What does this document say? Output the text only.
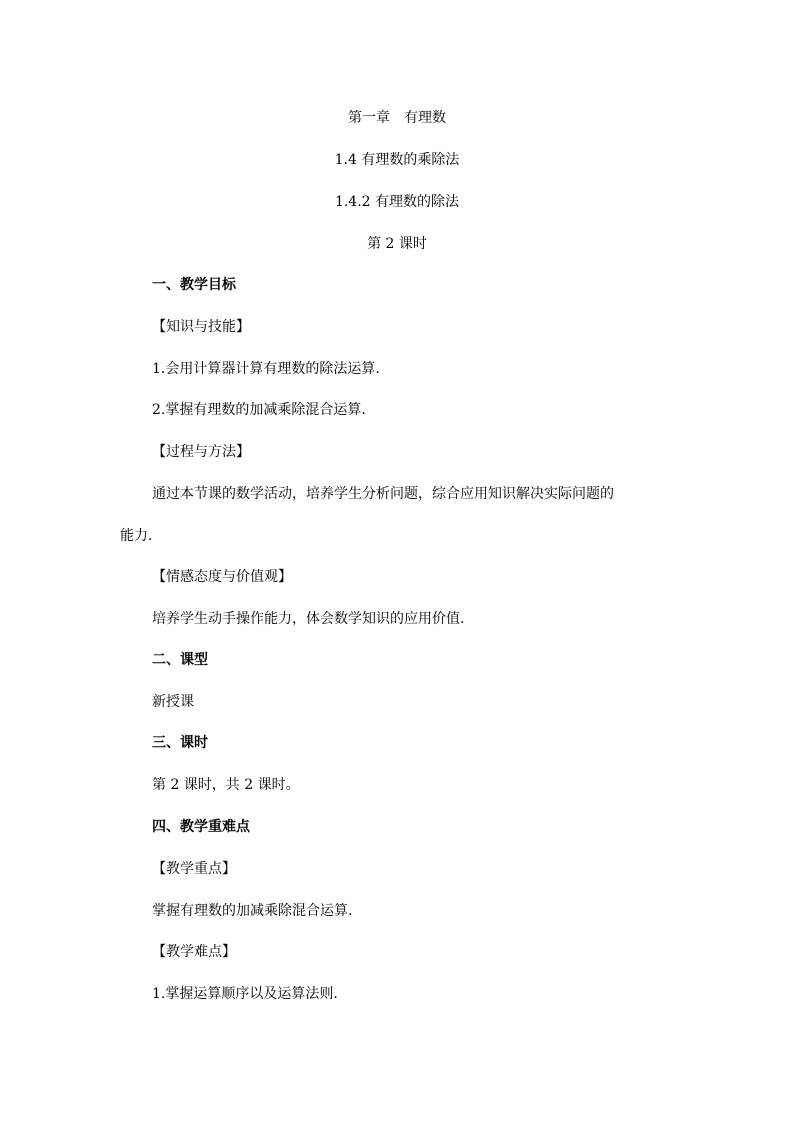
第一章　有理数

1.4 有理数的乘除法

1.4.2 有理数的除法

第 2 课时

一、教学目标

【知识与技能】

1.会用计算器计算有理数的除法运算.

2.掌握有理数的加减乘除混合运算.

【过程与方法】

通过本节课的数学活动，培养学生分析问题，综合应用知识解决实际问题的

能力.

【情感态度与价值观】

培养学生动手操作能力，体会数学知识的应用价值.

二、课型

新授课

三、课时

第 2 课时，共 2 课时。

四、教学重难点

【教学重点】

掌握有理数的加减乘除混合运算.

【教学难点】

1.掌握运算顺序以及运算法则.
